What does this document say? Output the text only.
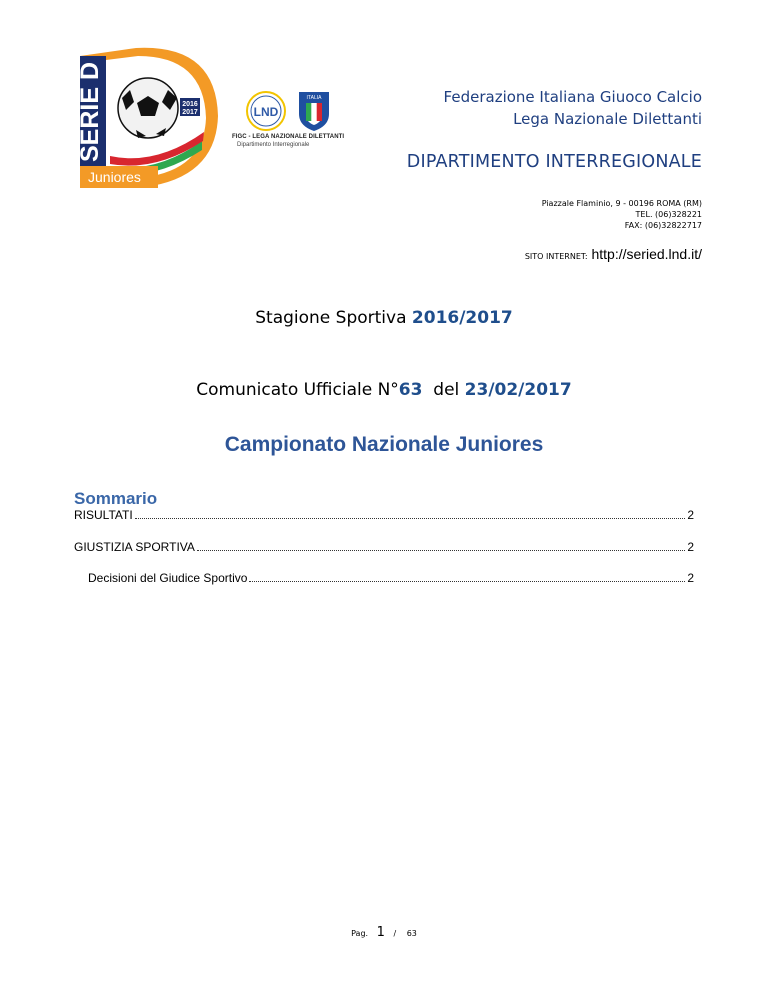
SERIE D	2016
2017
Juniores
LND
ITALIA
FIGC - LEGA NAZIONALE DILETTANTI
Dipartimento Interregionale
Federazione Italiana Giuoco Calcio
Lega Nazionale Dilettanti
DIPARTIMENTO INTERREGIONALE
Piazzale Flaminio, 9 - 00196 ROMA (RM)
TEL. (06)328221
FAX: (06)32822717
SITO INTERNET: http://seried.lnd.it/
Stagione Sportiva 2016/2017
Comunicato Ufficiale N°63  del 23/02/2017
Campionato Nazionale Juniores
Sommario
RISULTATI	2
GIUSTIZIA SPORTIVA	2
Decisioni del Giudice Sportivo	2
Pag. 1 / 63
